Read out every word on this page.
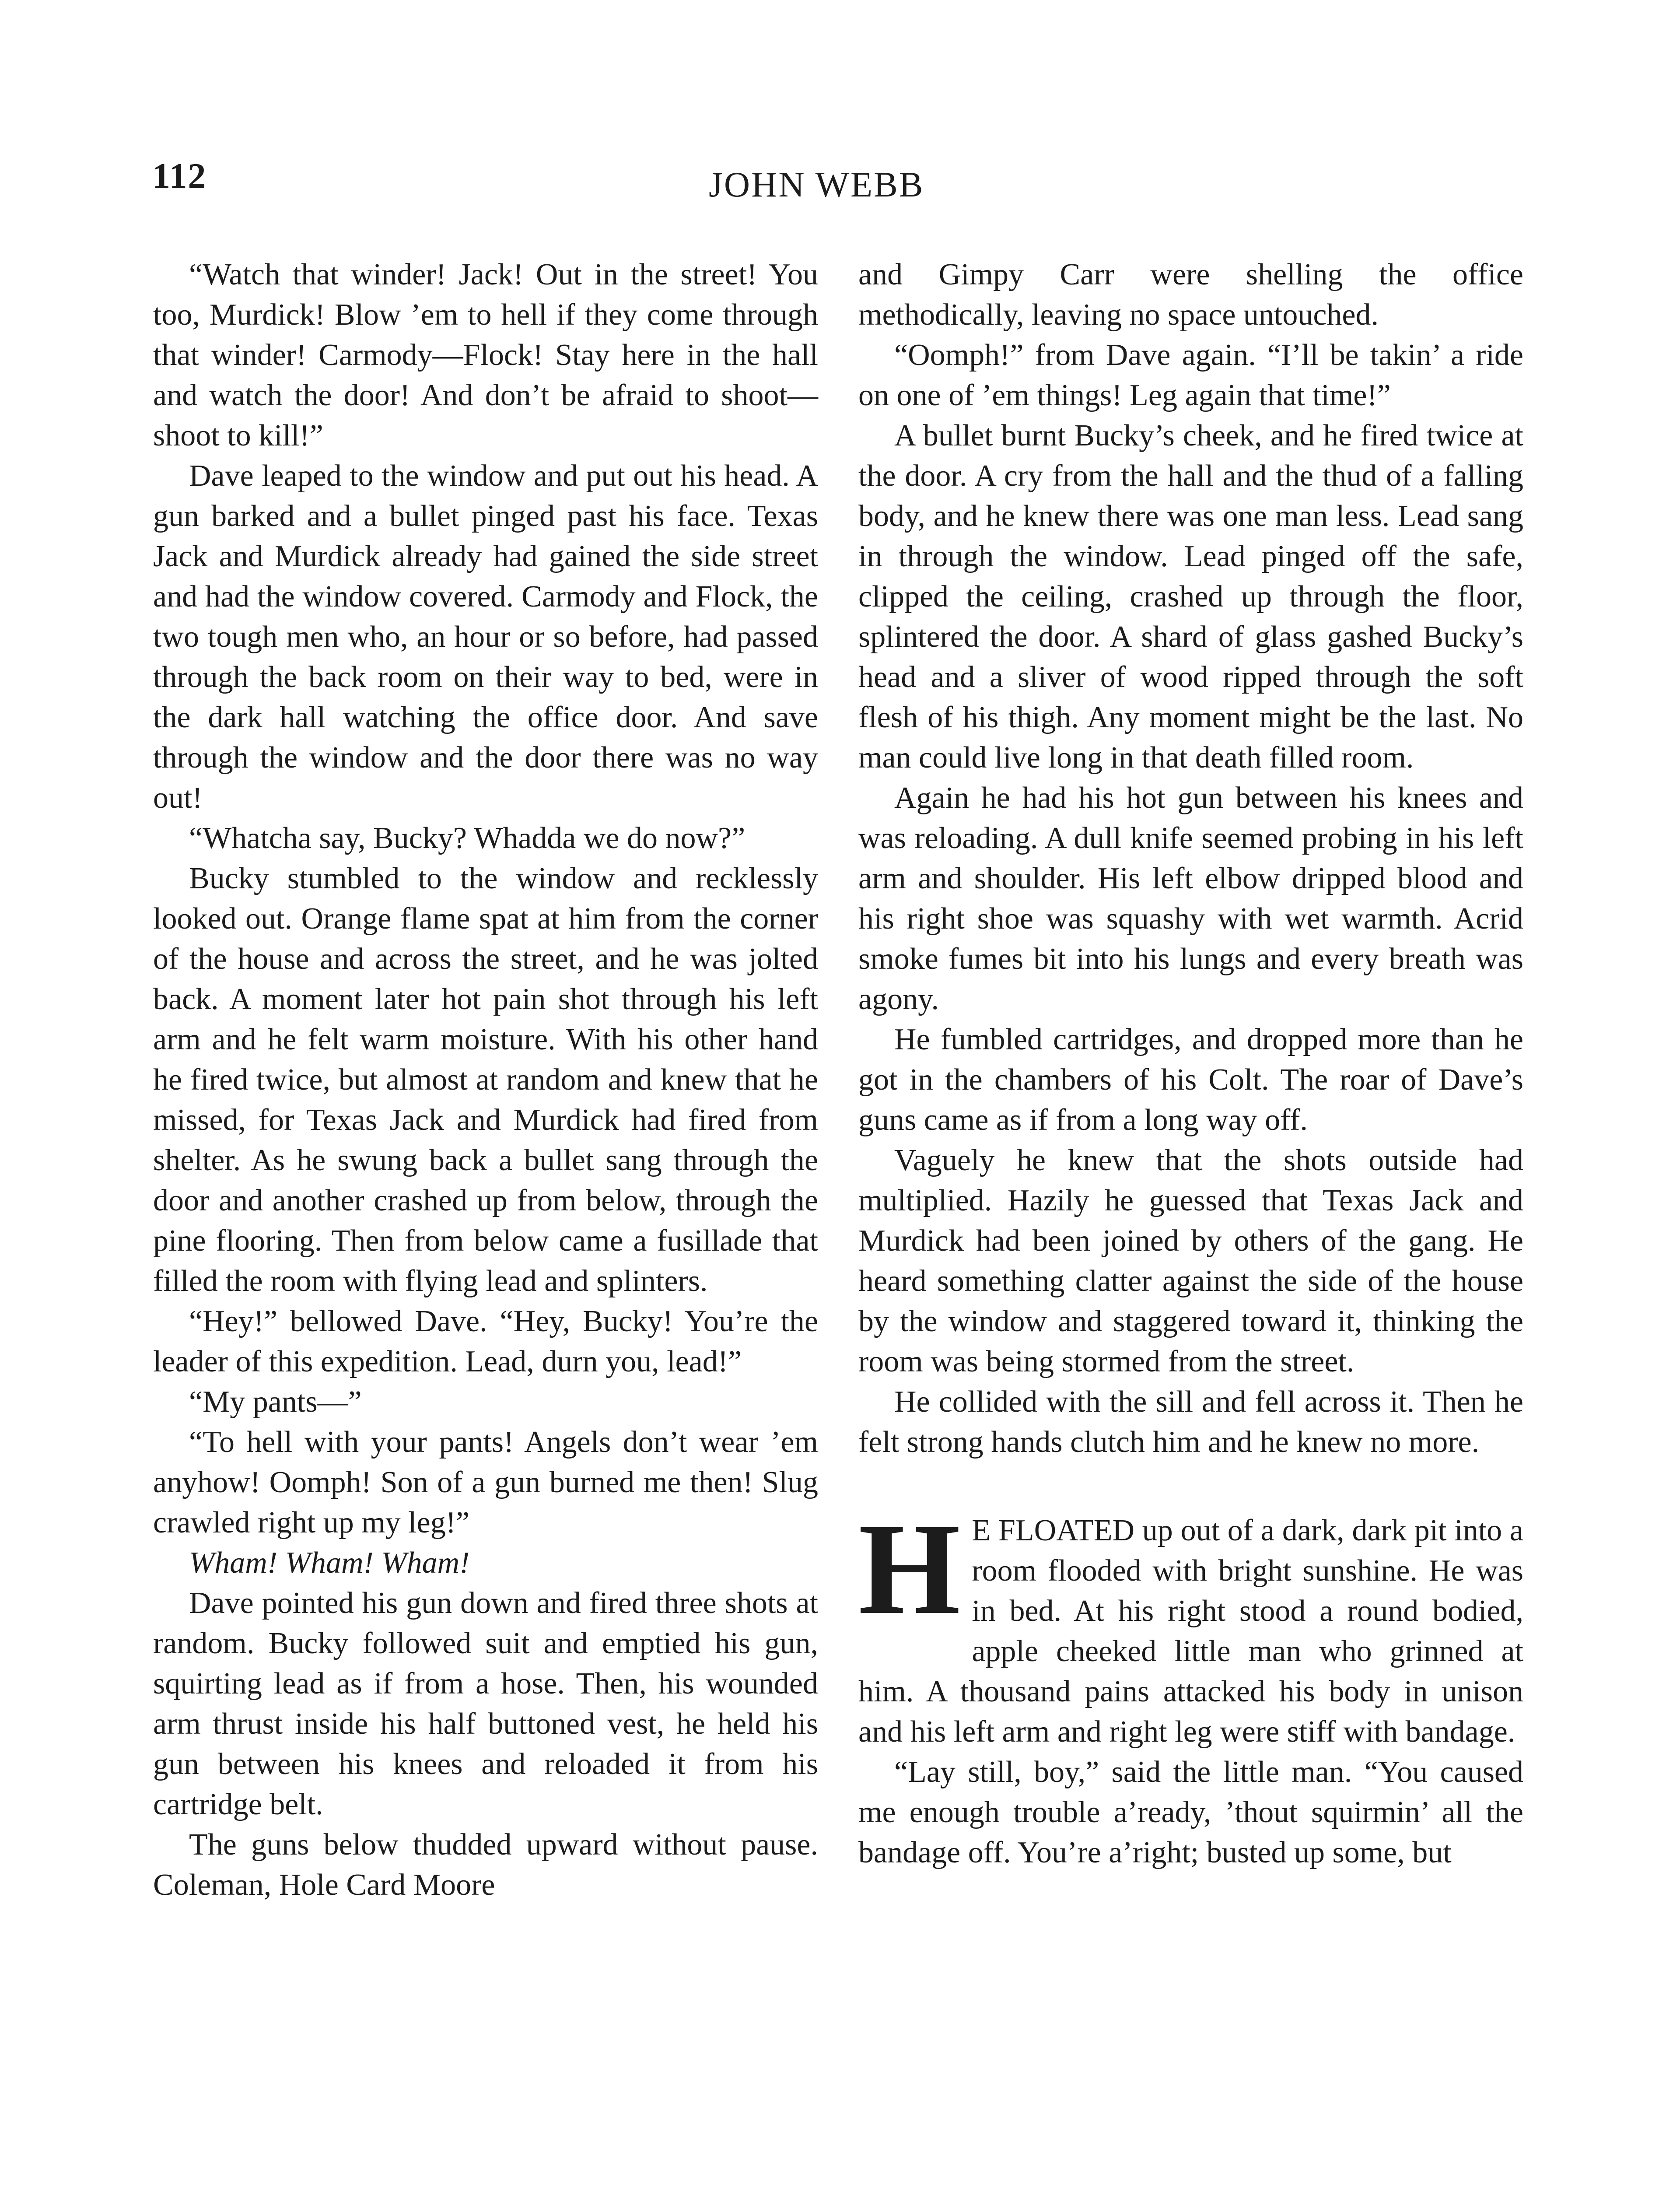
112	JOHN WEBB

“Watch that winder! Jack! Out in the street! You too, Murdick! Blow ’em to hell if they come through that winder! Carmody—Flock! Stay here in the hall and watch the door! And don’t be afraid to shoot—shoot to kill!”

Dave leaped to the window and put out his head. A gun barked and a bullet pinged past his face. Texas Jack and Murdick already had gained the side street and had the window covered. Carmody and Flock, the two tough men who, an hour or so before, had passed through the back room on their way to bed, were in the dark hall watching the office door. And save through the window and the door there was no way out!

“Whatcha say, Bucky? Whadda we do now?”

Bucky stumbled to the window and recklessly looked out. Orange flame spat at him from the corner of the house and across the street, and he was jolted back. A moment later hot pain shot through his left arm and he felt warm moisture. With his other hand he fired twice, but almost at random and knew that he missed, for Texas Jack and Murdick had fired from shelter. As he swung back a bullet sang through the door and another crashed up from below, through the pine flooring. Then from below came a fusillade that filled the room with flying lead and splinters.

“Hey!” bellowed Dave. “Hey, Bucky! You’re the leader of this expedition. Lead, durn you, lead!”

“My pants—”

“To hell with your pants! Angels don’t wear ’em anyhow! Oomph! Son of a gun burned me then! Slug crawled right up my leg!”

Wham! Wham! Wham!

Dave pointed his gun down and fired three shots at random. Bucky followed suit and emptied his gun, squirting lead as if from a hose. Then, his wounded arm thrust inside his half buttoned vest, he held his gun between his knees and reloaded it from his cartridge belt.

The guns below thudded upward without pause. Coleman, Hole Card Moore

and Gimpy Carr were shelling the office methodically, leaving no space untouched.

“Oomph!” from Dave again. “I’ll be takin’ a ride on one of ’em things! Leg again that time!”

A bullet burnt Bucky’s cheek, and he fired twice at the door. A cry from the hall and the thud of a falling body, and he knew there was one man less. Lead sang in through the window. Lead pinged off the safe, clipped the ceiling, crashed up through the floor, splintered the door. A shard of glass gashed Bucky’s head and a sliver of wood ripped through the soft flesh of his thigh. Any moment might be the last. No man could live long in that death filled room.

Again he had his hot gun between his knees and was reloading. A dull knife seemed probing in his left arm and shoulder. His left elbow dripped blood and his right shoe was squashy with wet warmth. Acrid smoke fumes bit into his lungs and every breath was agony.

He fumbled cartridges, and dropped more than he got in the chambers of his Colt. The roar of Dave’s guns came as if from a long way off.

Vaguely he knew that the shots outside had multiplied. Hazily he guessed that Texas Jack and Murdick had been joined by others of the gang. He heard something clatter against the side of the house by the window and staggered toward it, thinking the room was being stormed from the street.

He collided with the sill and fell across it. Then he felt strong hands clutch him and he knew no more.

H E FLOATED up out of a dark, dark pit into a room flooded with bright sunshine. He was in bed. At his right stood a round bodied, apple cheeked little man who grinned at him. A thousand pains attacked his body in unison and his left arm and right leg were stiff with bandage.

“Lay still, boy,” said the little man. “You caused me enough trouble a’ready, ’thout squirmin’ all the bandage off. You’re a’right; busted up some, but
